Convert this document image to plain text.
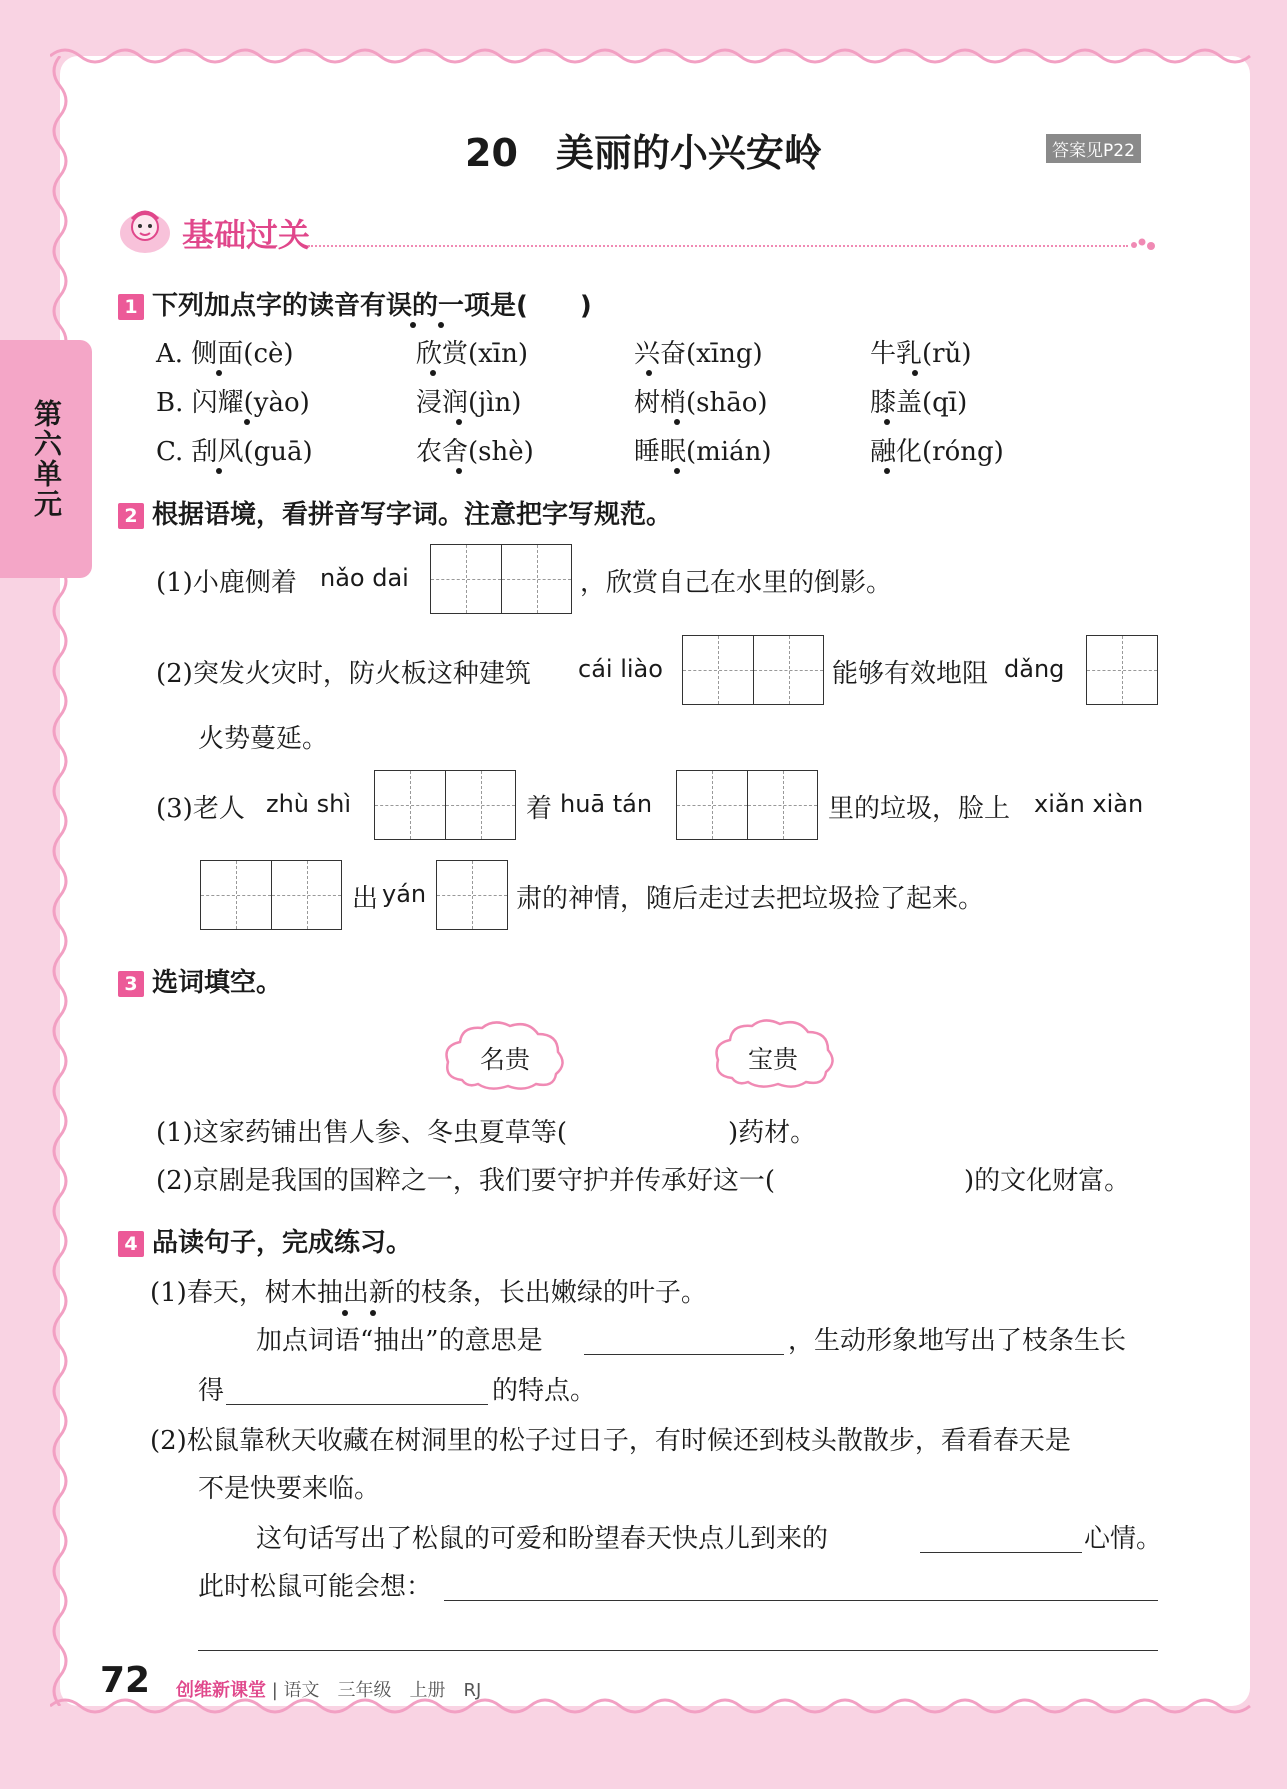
第六单元
20　美丽的小兴安岭	答案见P22
基础过关
1 下列加点字的读音有误的一项是(　　)
A. 侧面(cè)	欣赏(xīn)	兴奋(xīng)	牛乳(rǔ)
B. 闪耀(yào)	浸润(jìn)	树梢(shāo)	膝盖(qī)
C. 刮风(guā)	农舍(shè)	睡眠(mián)	融化(róng)
2 根据语境，看拼音写字词。注意把字写规范。
(1)小鹿侧着 nǎo dai	，欣赏自己在水里的倒影。
(2)突发火灾时，防火板这种建筑 cái liào	能够有效地阻 dǎng
火势蔓延。
(3)老人 zhù shì	着 huā tán	里的垃圾，脸上 xiǎn xiàn
出 yán	肃的神情，随后走过去把垃圾捡了起来。
3 选词填空。
名贵	宝贵
(1)这家药铺出售人参、冬虫夏草等(	)药材。
(2)京剧是我国的国粹之一，我们要守护并传承好这一(	)的文化财富。
4 品读句子，完成练习。
(1)春天，树木抽出新的枝条，长出嫩绿的叶子。
加点词语“抽出”的意思是	，生动形象地写出了枝条生长
得	的特点。
(2)松鼠靠秋天收藏在树洞里的松子过日子，有时候还到枝头散散步，看看春天是
不是快要来临。
这句话写出了松鼠的可爱和盼望春天快点儿到来的	心情。
此时松鼠可能会想：
72 创维新课堂 | 语文　三年级　上册　RJ
